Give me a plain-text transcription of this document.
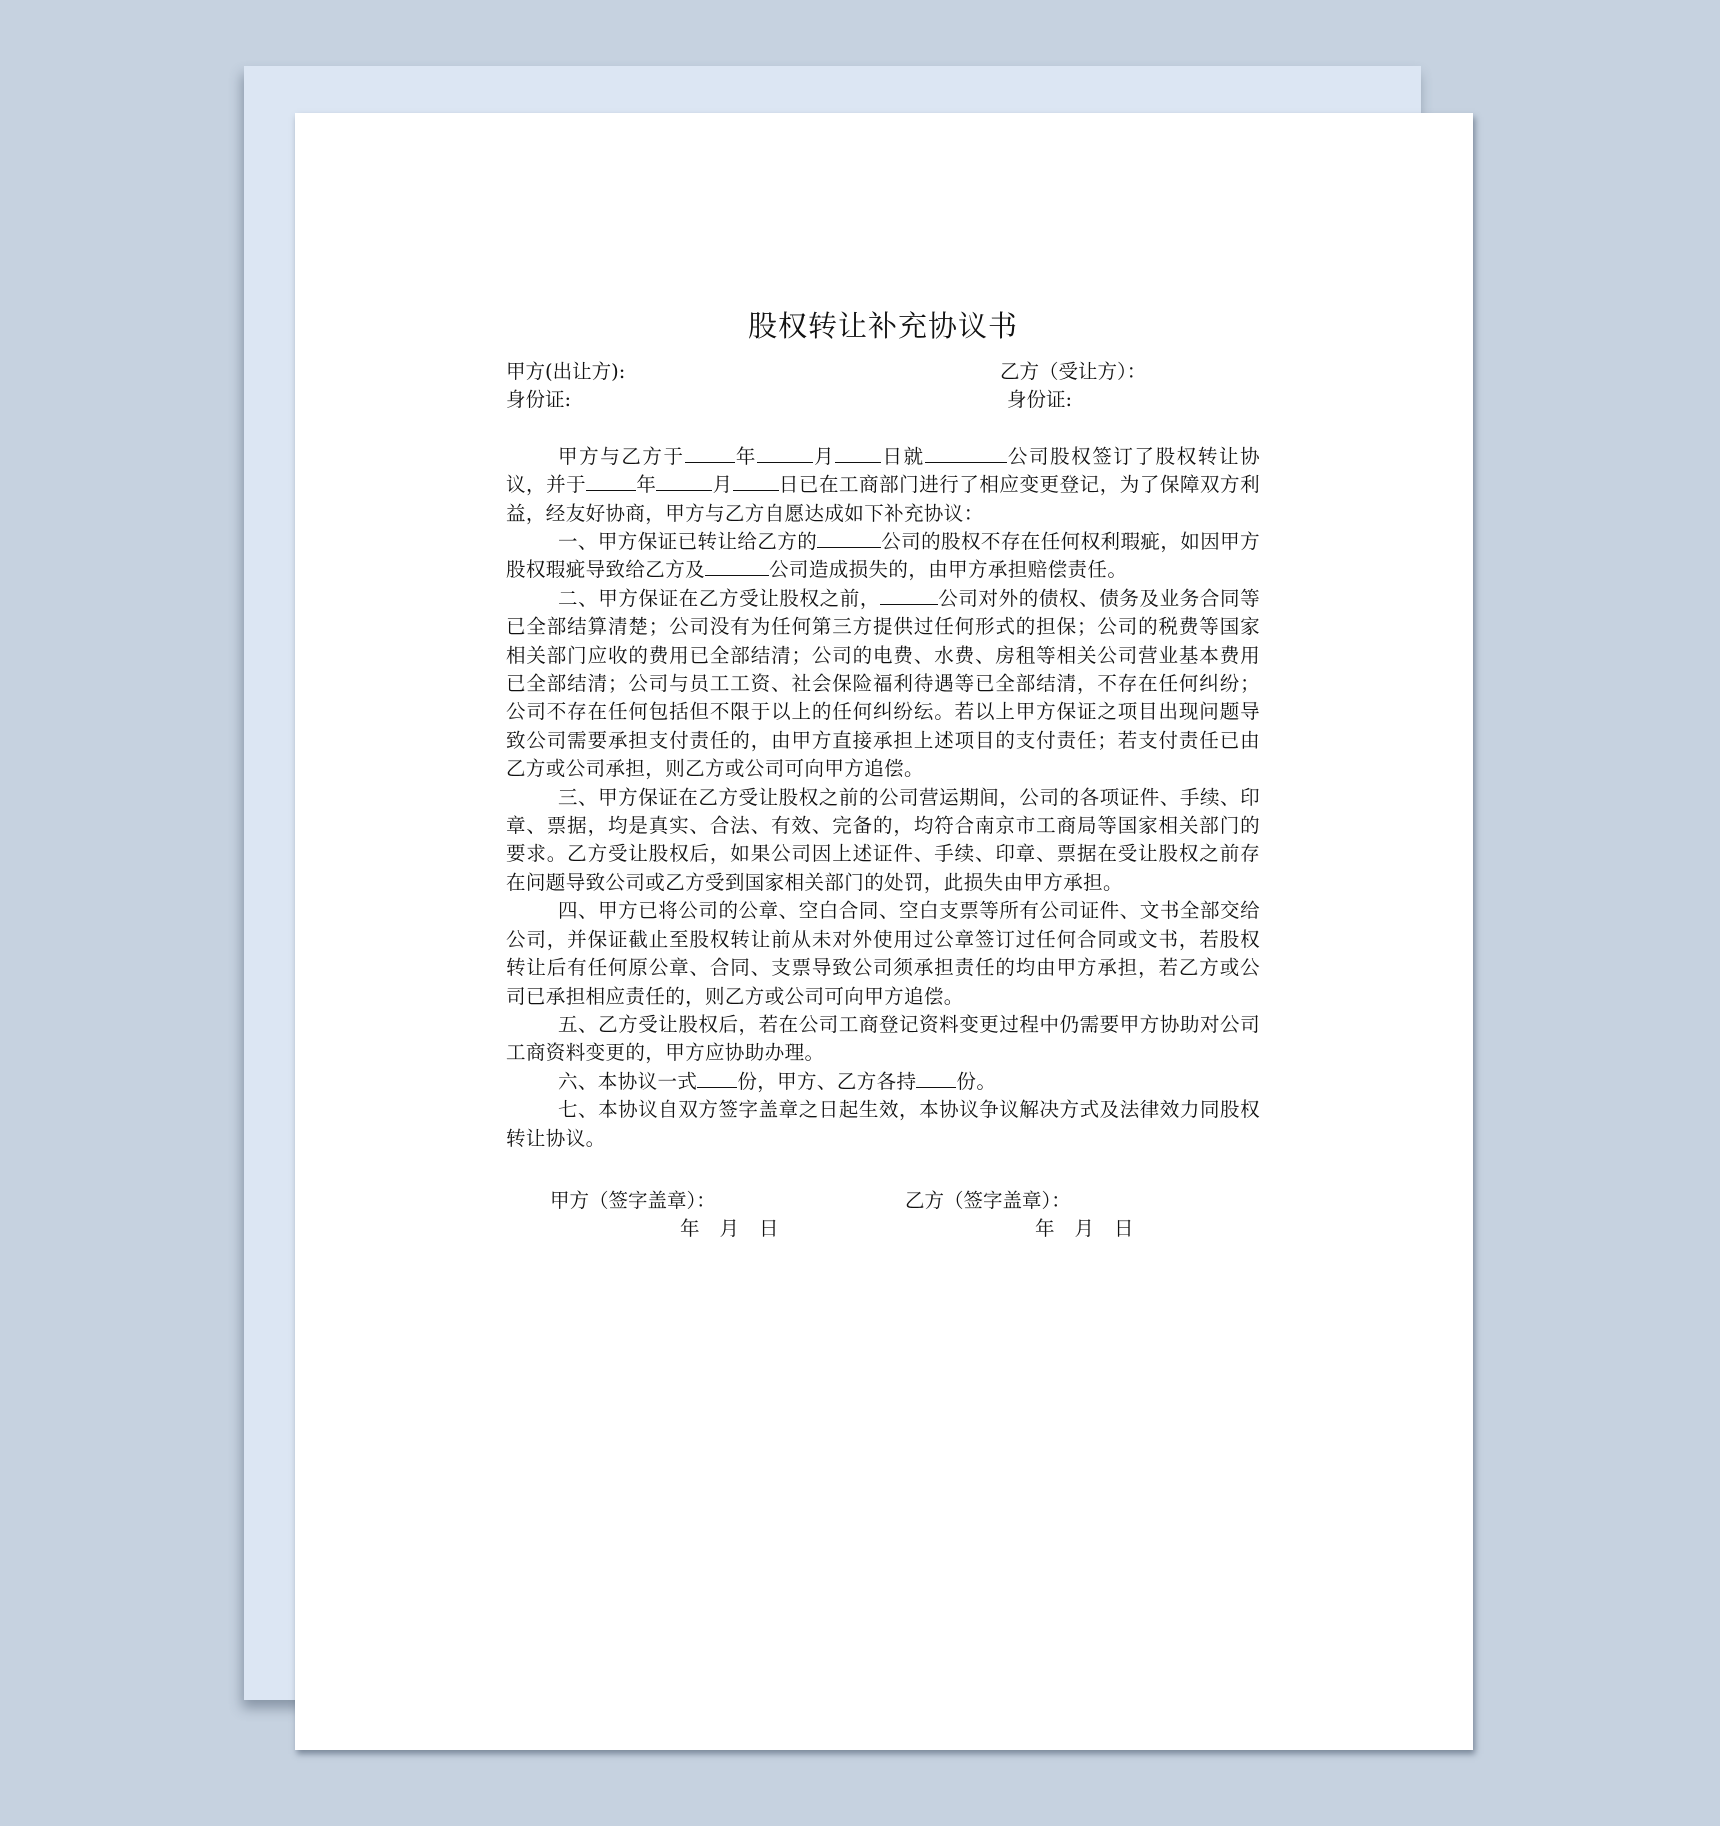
股权转让补充协议书
甲方(出让方):	乙方（受让方）：
身份证:	身份证:

甲方与乙方于	年	月 日就	公司股权签订了股权转让协议，并于	年	月 日已在工商部门进行了相应变更登记，为了保障双方利益，经友好协商，甲方与乙方自愿达成如下补充协议：

一、甲方保证已转让给乙方的	公司的股权不存在任何权利瑕疵，如因甲方股权瑕疵导致给乙方及	公司造成损失的，由甲方承担赔偿责任。

二、甲方保证在乙方受让股权之前，	公司对外的债权、债务及业务合同等已全部结算清楚；公司没有为任何第三方提供过任何形式的担保；公司的税费等国家相关部门应收的费用已全部结清；公司的电费、水费、房租等相关公司营业基本费用已全部结清；公司与员工工资、社会保险福利待遇等已全部结清，不存在任何纠纷；公司不存在任何包括但不限于以上的任何纠纷纭。若以上甲方保证之项目出现问题导致公司需要承担支付责任的，由甲方直接承担上述项目的支付责任；若支付责任已由乙方或公司承担，则乙方或公司可向甲方追偿。

三、甲方保证在乙方受让股权之前的公司营运期间，公司的各项证件、手续、印章、票据，均是真实、合法、有效、完备的，均符合南京市工商局等国家相关部门的要求。乙方受让股权后，如果公司因上述证件、手续、印章、票据在受让股权之前存在问题导致公司或乙方受到国家相关部门的处罚，此损失由甲方承担。

四、甲方已将公司的公章、空白合同、空白支票等所有公司证件、文书全部交给公司，并保证截止至股权转让前从未对外使用过公章签订过任何合同或文书，若股权转让后有任何原公章、合同、支票导致公司须承担责任的均由甲方承担，若乙方或公司已承担相应责任的，则乙方或公司可向甲方追偿。

五、乙方受让股权后，若在公司工商登记资料变更过程中仍需要甲方协助对公司工商资料变更的，甲方应协助办理。

六、本协议一式 份，甲方、乙方各持 份。

七、本协议自双方签字盖章之日起生效，本协议争议解决方式及法律效力同股权转让协议。

甲方（签字盖章）：
年 月 日
乙方（签字盖章）：
年 月 日
